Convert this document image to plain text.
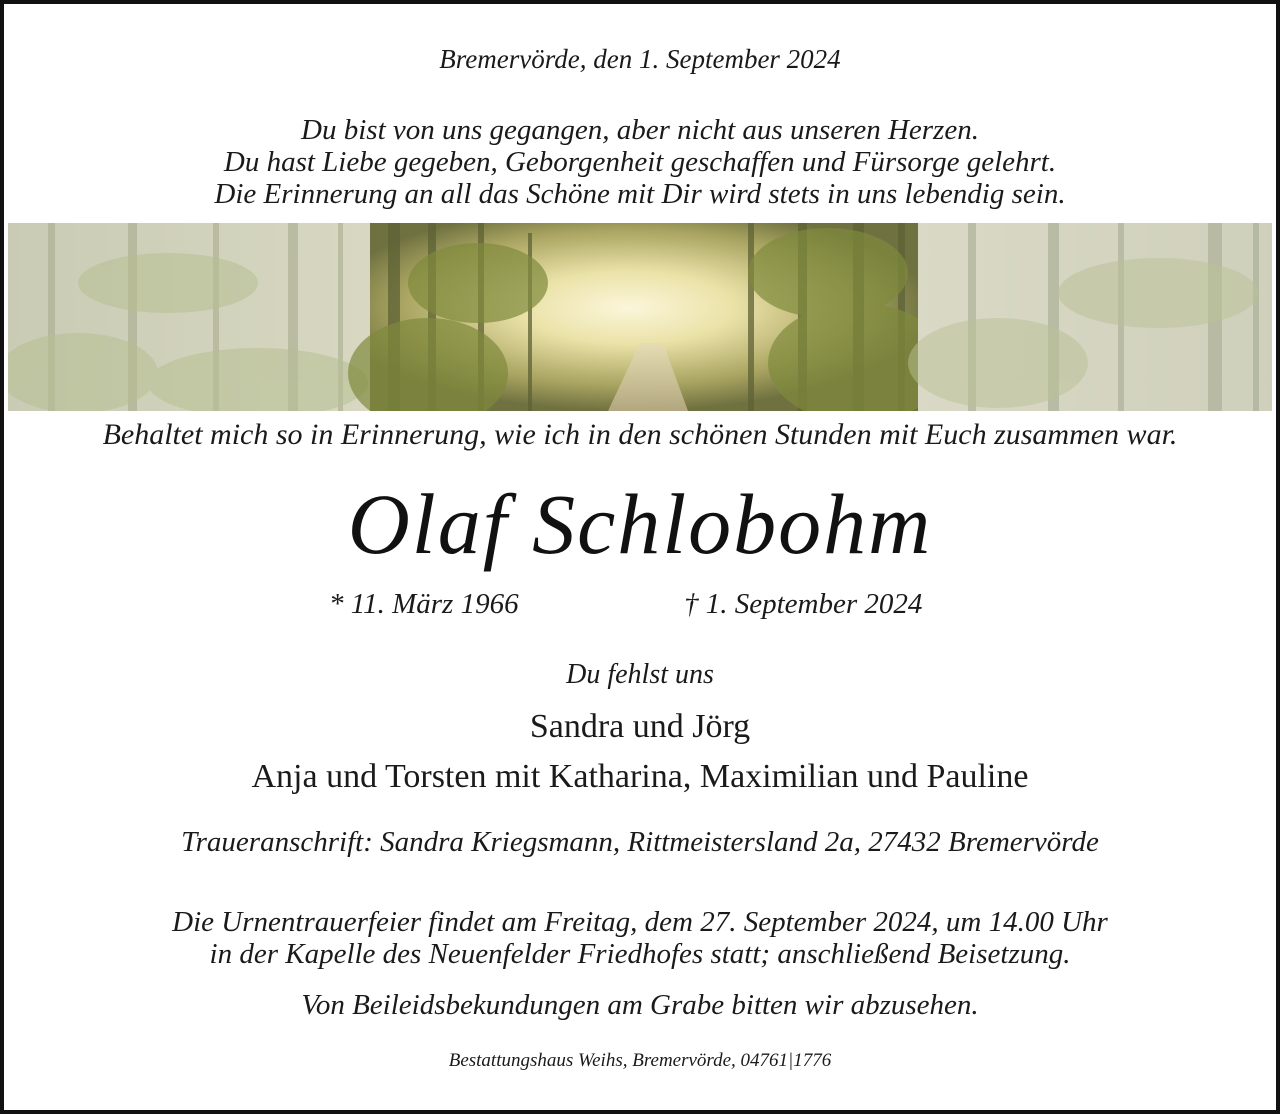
Bremervörde, den 1. September 2024
Du bist von uns gegangen, aber nicht aus unseren Herzen.
Du hast Liebe gegeben, Geborgenheit geschaffen und Fürsorge gelehrt.
Die Erinnerung an all das Schöne mit Dir wird stets in uns lebendig sein.
Behaltet mich so in Erinnerung, wie ich in den schönen Stunden mit Euch zusammen war.
Olaf Schlobohm
* 11. März 1966	† 1. September 2024
Du fehlst uns
Sandra und Jörg
Anja und Torsten mit Katharina, Maximilian und Pauline
Traueranschrift: Sandra Kriegsmann, Rittmeistersland 2a, 27432 Bremervörde
Die Urnentrauerfeier findet am Freitag, dem 27. September 2024, um 14.00 Uhr
in der Kapelle des Neuenfelder Friedhofes statt; anschließend Beisetzung.
Von Beileidsbekundungen am Grabe bitten wir abzusehen.
Bestattungshaus Weihs, Bremervörde, 04761|1776
